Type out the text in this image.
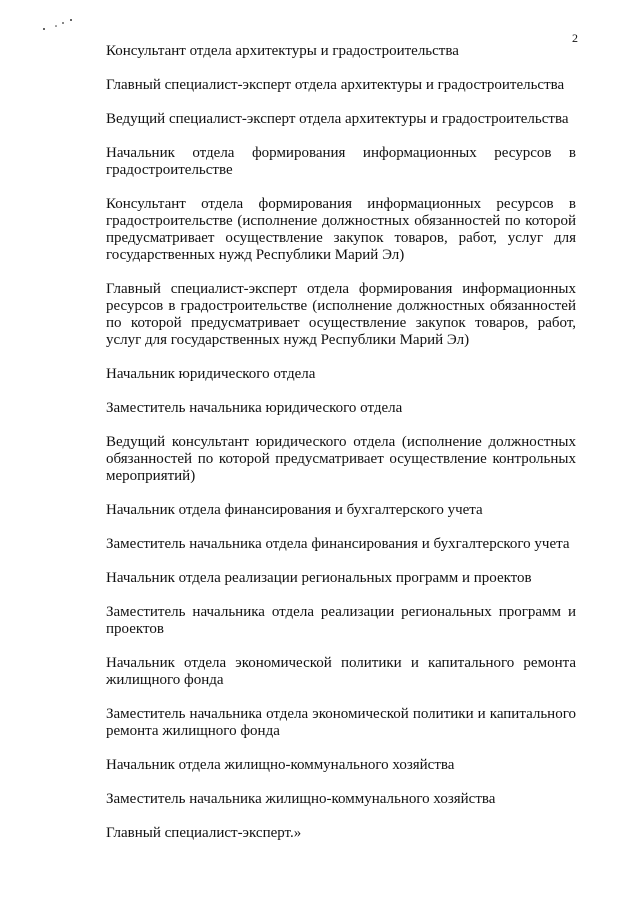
2

Консультант отдела архитектуры и градостроительства

Главный специалист-эксперт отдела архитектуры и градостроительства

Ведущий специалист-эксперт отдела архитектуры и градостроительства

Начальник отдела формирования информационных ресурсов в градостроительстве

Консультант отдела формирования информационных ресурсов в градостроительстве (исполнение должностных обязанностей по которой предусматривает осуществление закупок товаров, работ, услуг для государственных нужд Республики Марий Эл)

Главный специалист-эксперт отдела формирования информационных ресурсов в градостроительстве (исполнение должностных обязанностей по которой предусматривает осуществление закупок товаров, работ, услуг для государственных нужд Республики Марий Эл)

Начальник юридического отдела

Заместитель начальника юридического отдела

Ведущий консультант юридического отдела (исполнение должностных обязанностей по которой предусматривает осуществление контрольных мероприятий)

Начальник отдела финансирования и бухгалтерского учета

Заместитель начальника отдела финансирования и бухгалтерского учета

Начальник отдела реализации региональных программ и проектов

Заместитель начальника отдела реализации региональных программ и проектов

Начальник отдела экономической политики и капитального ремонта жилищного фонда

Заместитель начальника отдела экономической политики и капитального ремонта жилищного фонда

Начальник отдела жилищно-коммунального хозяйства

Заместитель начальника жилищно-коммунального хозяйства

Главный специалист-эксперт.»
